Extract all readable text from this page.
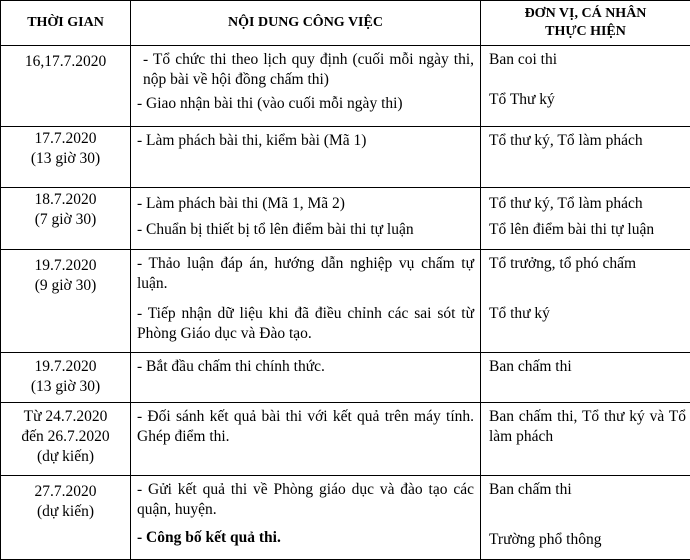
THỜI GIAN	NỘI DUNG CÔNG VIỆC	ĐƠN VỊ, CÁ NHÂN
THỰC HIỆN

16,17.7.2020	- Tổ chức thi theo lịch quy định (cuối mỗi ngày thi, nộp bài về hội đồng chấm thi)
- Giao nhận bài thi (vào cuối mỗi ngày thi)	Ban coi thi
Tổ Thư ký

17.7.2020
(13 giờ 30)	- Làm phách bài thi, kiểm bài (Mã 1)	Tổ thư ký, Tổ làm phách

18.7.2020
(7 giờ 30)	- Làm phách bài thi (Mã 1, Mã 2)
- Chuẩn bị thiết bị tổ lên điểm bài thi tự luận	Tổ thư ký, Tổ làm phách
Tổ lên điểm bài thi tự luận

19.7.2020
(9 giờ 30)	- Thảo luận đáp án, hướng dẫn nghiệp vụ chấm tự luận.
- Tiếp nhận dữ liệu khi đã điều chỉnh các sai sót từ Phòng Giáo dục và Đào tạo.	Tổ trưởng, tổ phó chấm
Tổ thư ký

19.7.2020
(13 giờ 30)	- Bắt đầu chấm thi chính thức.	Ban chấm thi

Từ 24.7.2020
đến 26.7.2020
(dự kiến)	- Đối sánh kết quả bài thi với kết quả trên máy tính. Ghép điểm thi.	Ban chấm thi, Tổ thư ký và Tổ làm phách

27.7.2020
(dự kiến)	- Gửi kết quả thi về Phòng giáo dục và đào tạo các quận, huyện.
- Công bố kết quả thi.	Ban chấm thi
Trường phổ thông
